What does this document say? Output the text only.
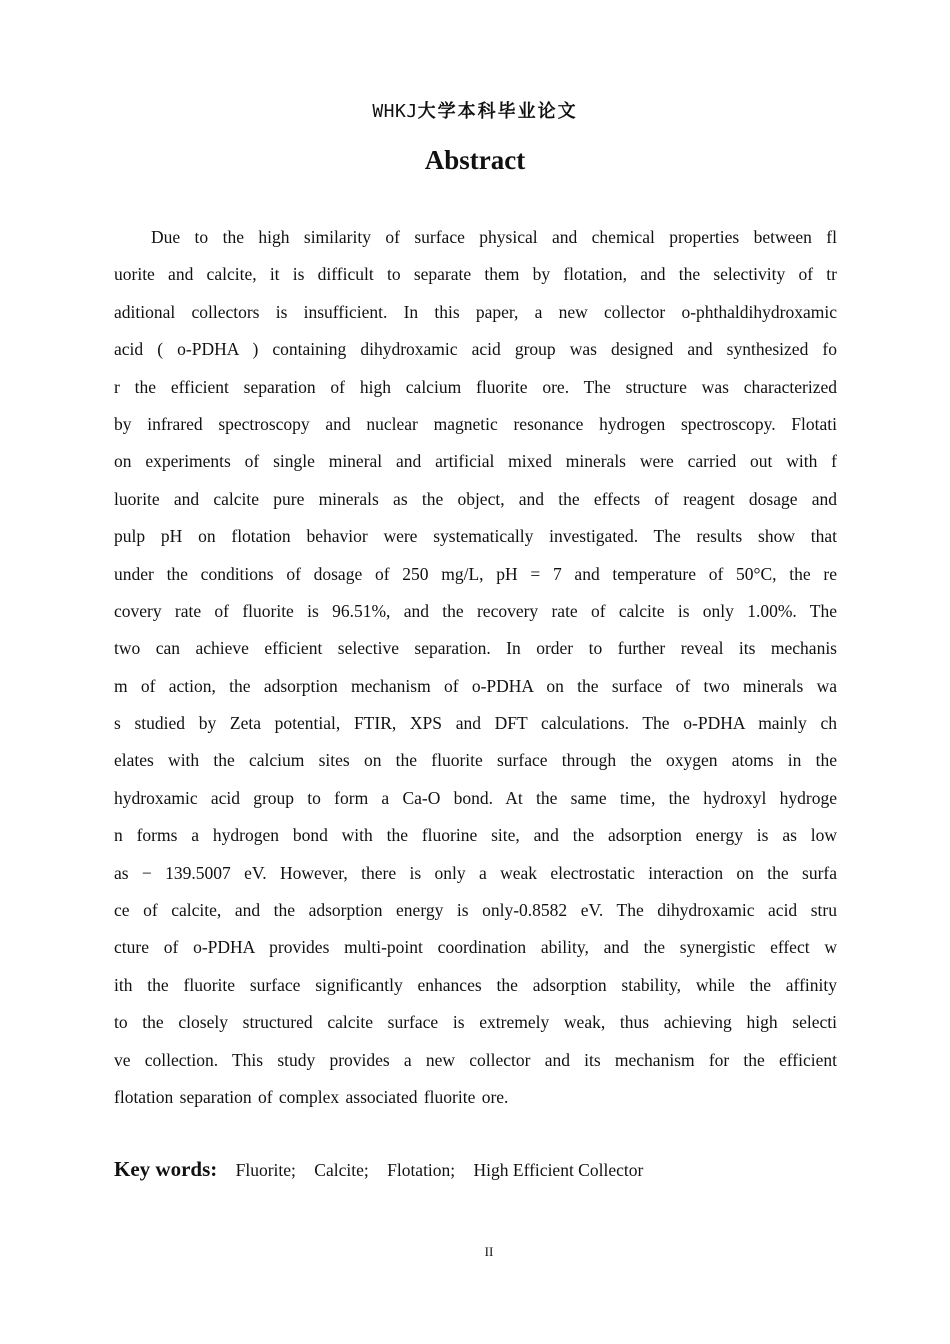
WHKJ大学本科毕业论文
Abstract
Due to the high similarity of surface physical and chemical properties between fl
uorite and calcite, it is difficult to separate them by flotation, and the selectivity of tr
aditional collectors is insufficient. In this paper, a new collector o-phthaldihydroxamic
acid ( o-PDHA ) containing dihydroxamic acid group was designed and synthesized fo
r the efficient separation of high calcium fluorite ore. The structure was characterized
by infrared spectroscopy and nuclear magnetic resonance hydrogen spectroscopy. Flotati
on experiments of single mineral and artificial mixed minerals were carried out with f
luorite and calcite pure minerals as the object, and the effects of reagent dosage and
pulp pH on flotation behavior were systematically investigated. The results show that
under the conditions of dosage of 250 mg/L, pH = 7 and temperature of 50°C, the re
covery rate of fluorite is 96.51%, and the recovery rate of calcite is only 1.00%. The
two can achieve efficient selective separation. In order to further reveal its mechanis
m of action, the adsorption mechanism of o-PDHA on the surface of two minerals wa
s studied by Zeta potential, FTIR, XPS and DFT calculations. The o-PDHA mainly ch
elates with the calcium sites on the fluorite surface through the oxygen atoms in the
hydroxamic acid group to form a Ca-O bond. At the same time, the hydroxyl hydroge
n forms a hydrogen bond with the fluorine site, and the adsorption energy is as low
as − 139.5007 eV. However, there is only a weak electrostatic interaction on the surfa
ce of calcite, and the adsorption energy is only-0.8582 eV. The dihydroxamic acid stru
cture of o-PDHA provides multi-point coordination ability, and the synergistic effect w
ith the fluorite surface significantly enhances the adsorption stability, while the affinity
to the closely structured calcite surface is extremely weak, thus achieving high selecti
ve collection. This study provides a new collector and its mechanism for the efficient
flotation separation of complex associated fluorite ore.
Key words: Fluorite; Calcite; Flotation; High Efficient Collector
II
